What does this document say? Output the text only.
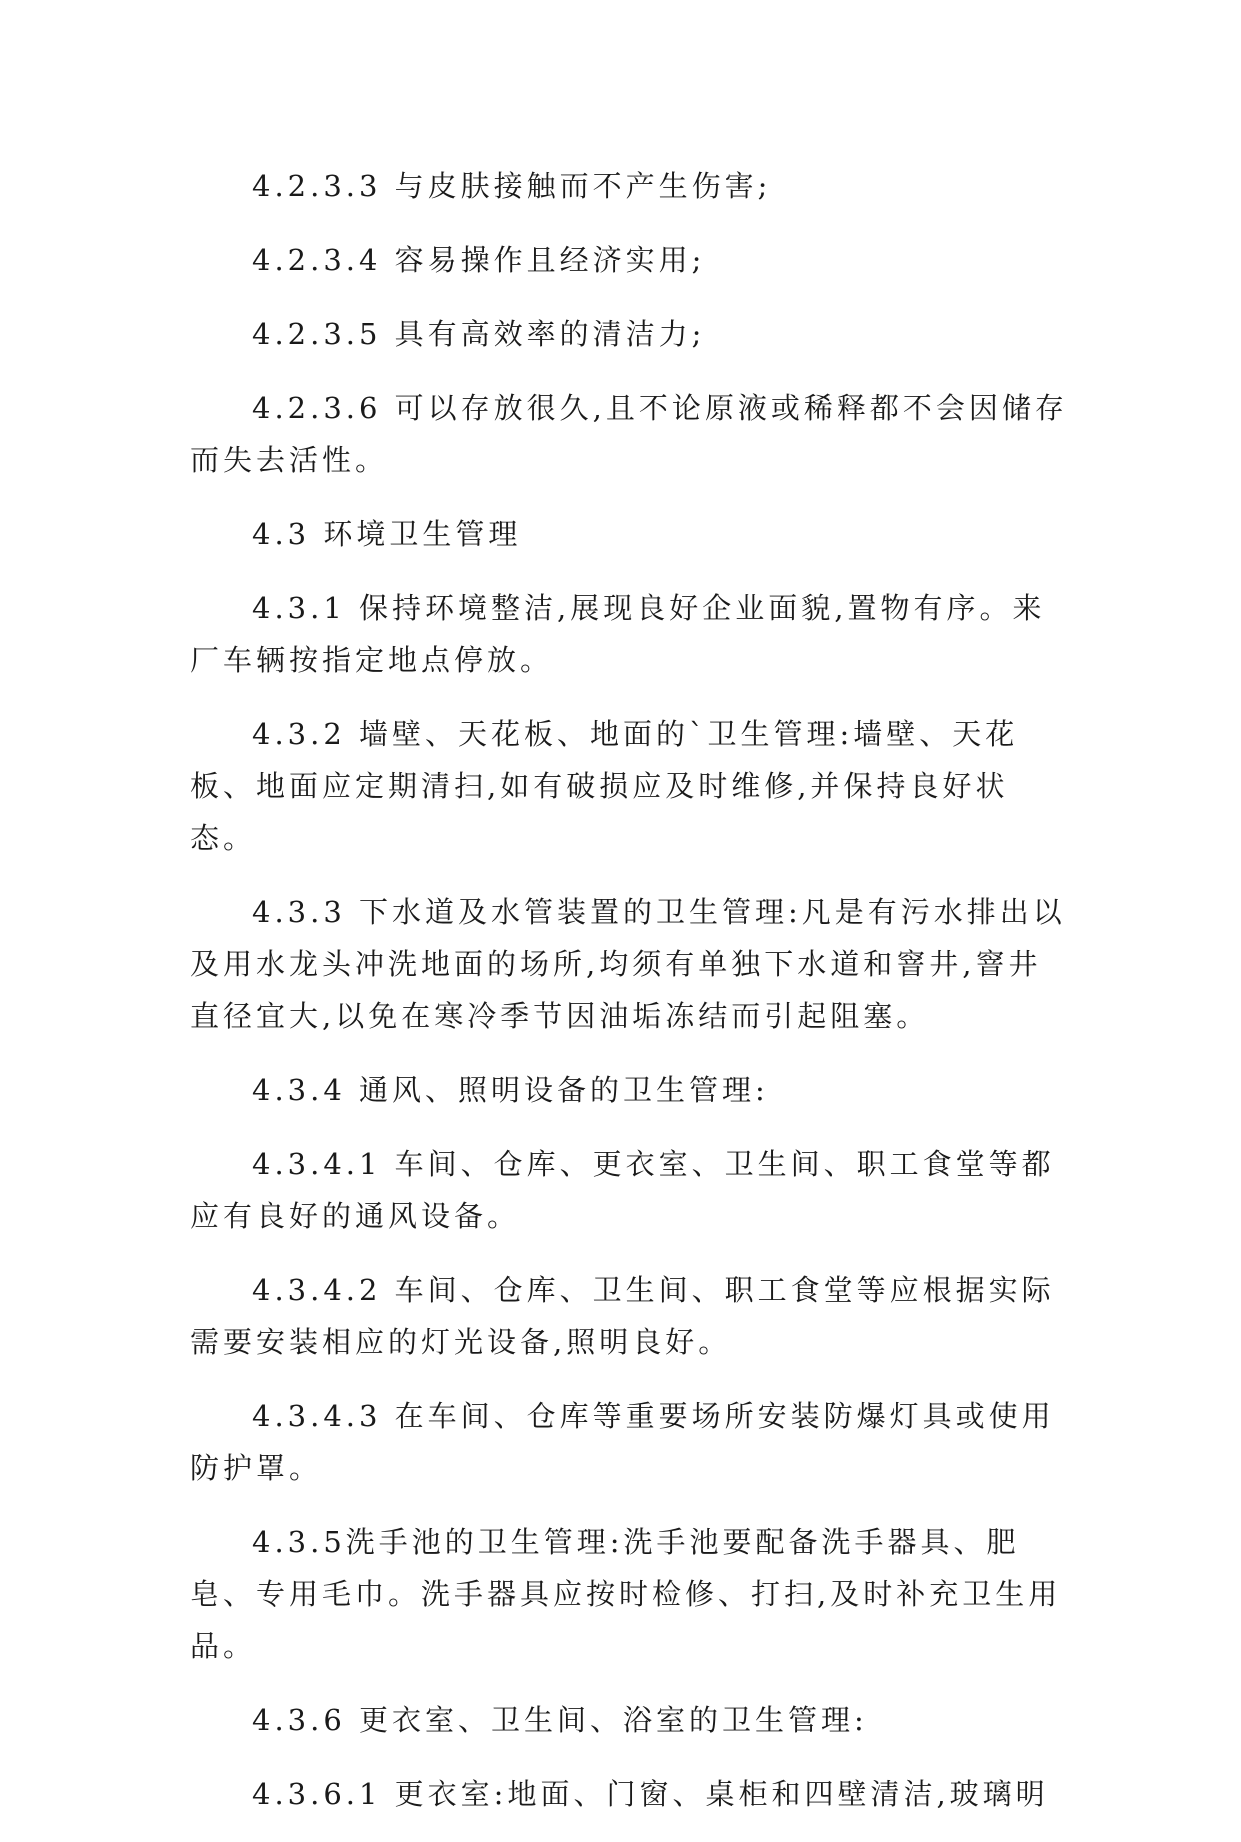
4.2.3.3 与皮肤接触而不产生伤害;

4.2.3.4 容易操作且经济实用;

4.2.3.5 具有高效率的清洁力;

4.2.3.6 可以存放很久,且不论原液或稀释都不会因储存而失去活性。

4.3 环境卫生管理

4.3.1 保持环境整洁,展现良好企业面貌,置物有序。来厂车辆按指定地点停放。

4.3.2 墙壁、天花板、地面的`卫生管理:墙壁、天花板、地面应定期清扫,如有破损应及时维修,并保持良好状态。

4.3.3 下水道及水管装置的卫生管理:凡是有污水排出以及用水龙头冲洗地面的场所,均须有单独下水道和窨井,窨井直径宜大,以免在寒冷季节因油垢冻结而引起阻塞。

4.3.4 通风、照明设备的卫生管理:

4.3.4.1 车间、仓库、更衣室、卫生间、职工食堂等都应有良好的通风设备。

4.3.4.2 车间、仓库、卫生间、职工食堂等应根据实际需要安装相应的灯光设备,照明良好。

4.3.4.3 在车间、仓库等重要场所安装防爆灯具或使用防护罩。

4.3.5洗手池的卫生管理:洗手池要配备洗手器具、肥皂、专用毛巾。洗手器具应按时检修、打扫,及时补充卫生用品。

4.3.6 更衣室、卫生间、浴室的卫生管理:

4.3.6.1 更衣室:地面、门窗、桌柜和四壁清洁,玻璃明
